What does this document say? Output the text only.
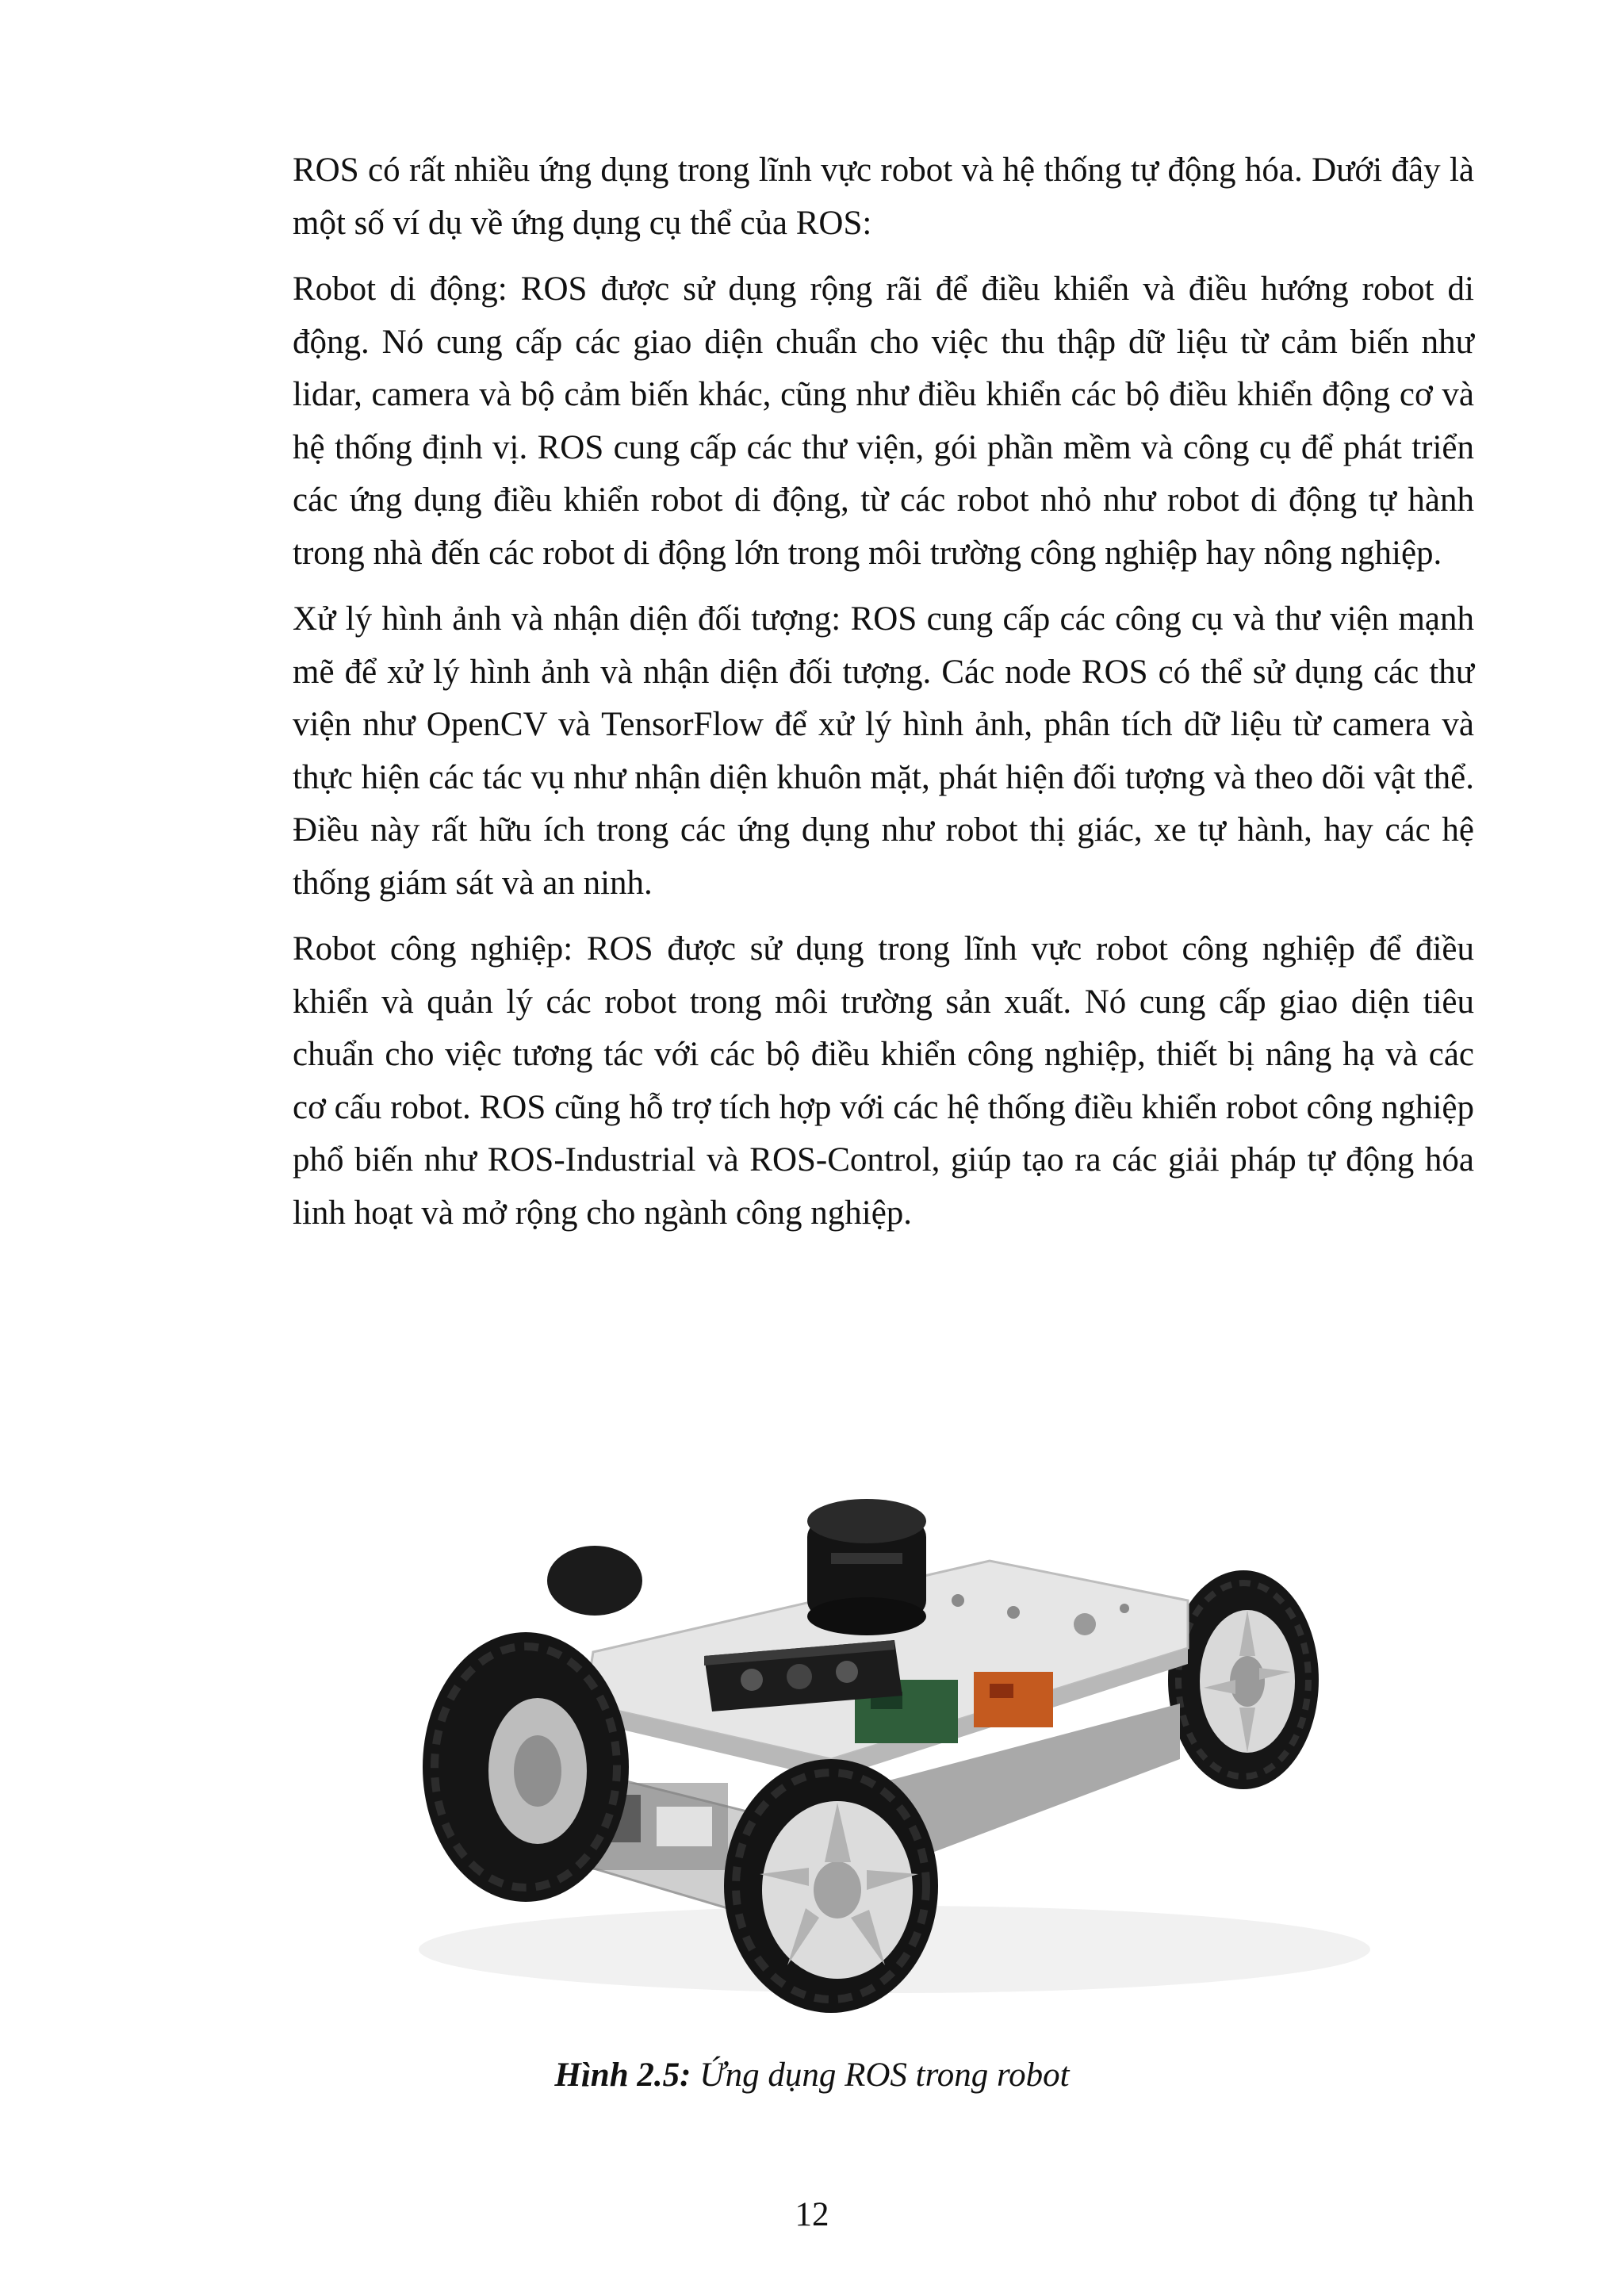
ROS có rất nhiều ứng dụng trong lĩnh vực robot và hệ thống tự động hóa. Dưới đây là một số ví dụ về ứng dụng cụ thể của ROS:

Robot di động: ROS được sử dụng rộng rãi để điều khiển và điều hướng robot di động. Nó cung cấp các giao diện chuẩn cho việc thu thập dữ liệu từ cảm biến như lidar, camera và bộ cảm biến khác, cũng như điều khiển các bộ điều khiển động cơ và hệ thống định vị. ROS cung cấp các thư viện, gói phần mềm và công cụ để phát triển các ứng dụng điều khiển robot di động, từ các robot nhỏ như robot di động tự hành trong nhà đến các robot di động lớn trong môi trường công nghiệp hay nông nghiệp.

Xử lý hình ảnh và nhận diện đối tượng: ROS cung cấp các công cụ và thư viện mạnh mẽ để xử lý hình ảnh và nhận diện đối tượng. Các node ROS có thể sử dụng các thư viện như OpenCV và TensorFlow để xử lý hình ảnh, phân tích dữ liệu từ camera và thực hiện các tác vụ như nhận diện khuôn mặt, phát hiện đối tượng và theo dõi vật thể. Điều này rất hữu ích trong các ứng dụng như robot thị giác, xe tự hành, hay các hệ thống giám sát và an ninh.

Robot công nghiệp: ROS được sử dụng trong lĩnh vực robot công nghiệp để điều khiển và quản lý các robot trong môi trường sản xuất. Nó cung cấp giao diện tiêu chuẩn cho việc tương tác với các bộ điều khiển công nghiệp, thiết bị nâng hạ và các cơ cấu robot. ROS cũng hỗ trợ tích hợp với các hệ thống điều khiển robot công nghiệp phổ biến như ROS-Industrial và ROS-Control, giúp tạo ra các giải pháp tự động hóa linh hoạt và mở rộng cho ngành công nghiệp.

Hình 2.5: Ứng dụng ROS trong robot
12
